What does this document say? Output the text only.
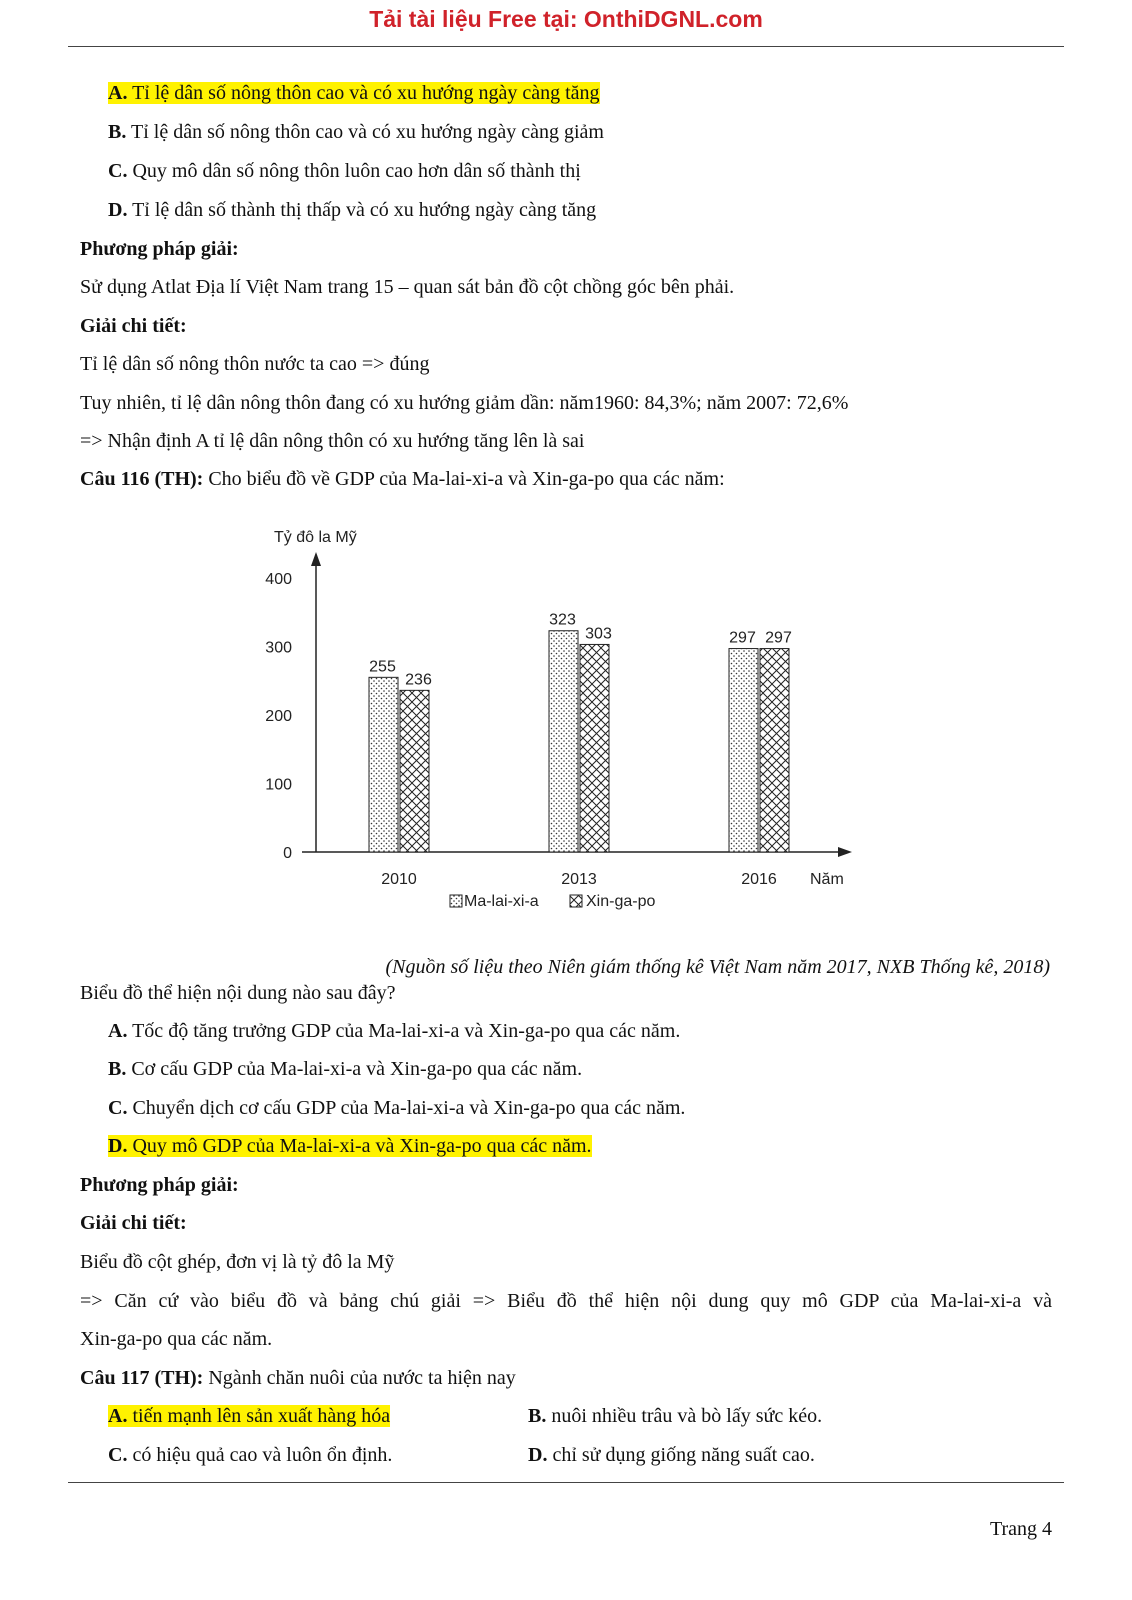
Tải tài liệu Free tại: OnthiDGNL.com
A. Tỉ lệ dân số nông thôn cao và có xu hướng ngày càng tăng
B. Tỉ lệ dân số nông thôn cao và có xu hướng ngày càng giảm
C. Quy mô dân số nông thôn luôn cao hơn dân số thành thị
D. Tỉ lệ dân số thành thị thấp và có xu hướng ngày càng tăng
Phương pháp giải:
Sử dụng Atlat Địa lí Việt Nam trang 15 – quan sát bản đồ cột chồng góc bên phải.
Giải chi tiết:
Tỉ lệ dân số nông thôn nước ta cao => đúng
Tuy nhiên, tỉ lệ dân nông thôn đang có xu hướng giảm dần: năm1960: 84,3%; năm 2007: 72,6%
=> Nhận định A tỉ lệ dân nông thôn có xu hướng tăng lên là sai
Câu 116 (TH): Cho biểu đồ về GDP của Ma-lai-xi-a và Xin-ga-po qua các năm:
Tỷ đô la Mỹ
0
100
200
300
400
255
236
2010
323
303
2013
297 297
2016 Năm
Ma-lai-xi-a	Xin-ga-po
(Nguồn số liệu theo Niên giám thống kê Việt Nam năm 2017, NXB Thống kê, 2018)
Biểu đồ thể hiện nội dung nào sau đây?
A. Tốc độ tăng trưởng GDP của Ma-lai-xi-a và Xin-ga-po qua các năm.
B. Cơ cấu GDP của Ma-lai-xi-a và Xin-ga-po qua các năm.
C. Chuyển dịch cơ cấu GDP của Ma-lai-xi-a và Xin-ga-po qua các năm.
D. Quy mô GDP của Ma-lai-xi-a và Xin-ga-po qua các năm.
Phương pháp giải:
Giải chi tiết:
Biểu đồ cột ghép, đơn vị là tỷ đô la Mỹ
=> Căn cứ vào biểu đồ và bảng chú giải => Biểu đồ thể hiện nội dung quy mô GDP của Ma-lai-xi-a và
Xin-ga-po qua các năm.
Câu 117 (TH): Ngành chăn nuôi của nước ta hiện nay
A. tiến mạnh lên sản xuất hàng hóa	B. nuôi nhiều trâu và bò lấy sức kéo.
C. có hiệu quả cao và luôn ổn định.	D. chỉ sử dụng giống năng suất cao.
Trang 4
